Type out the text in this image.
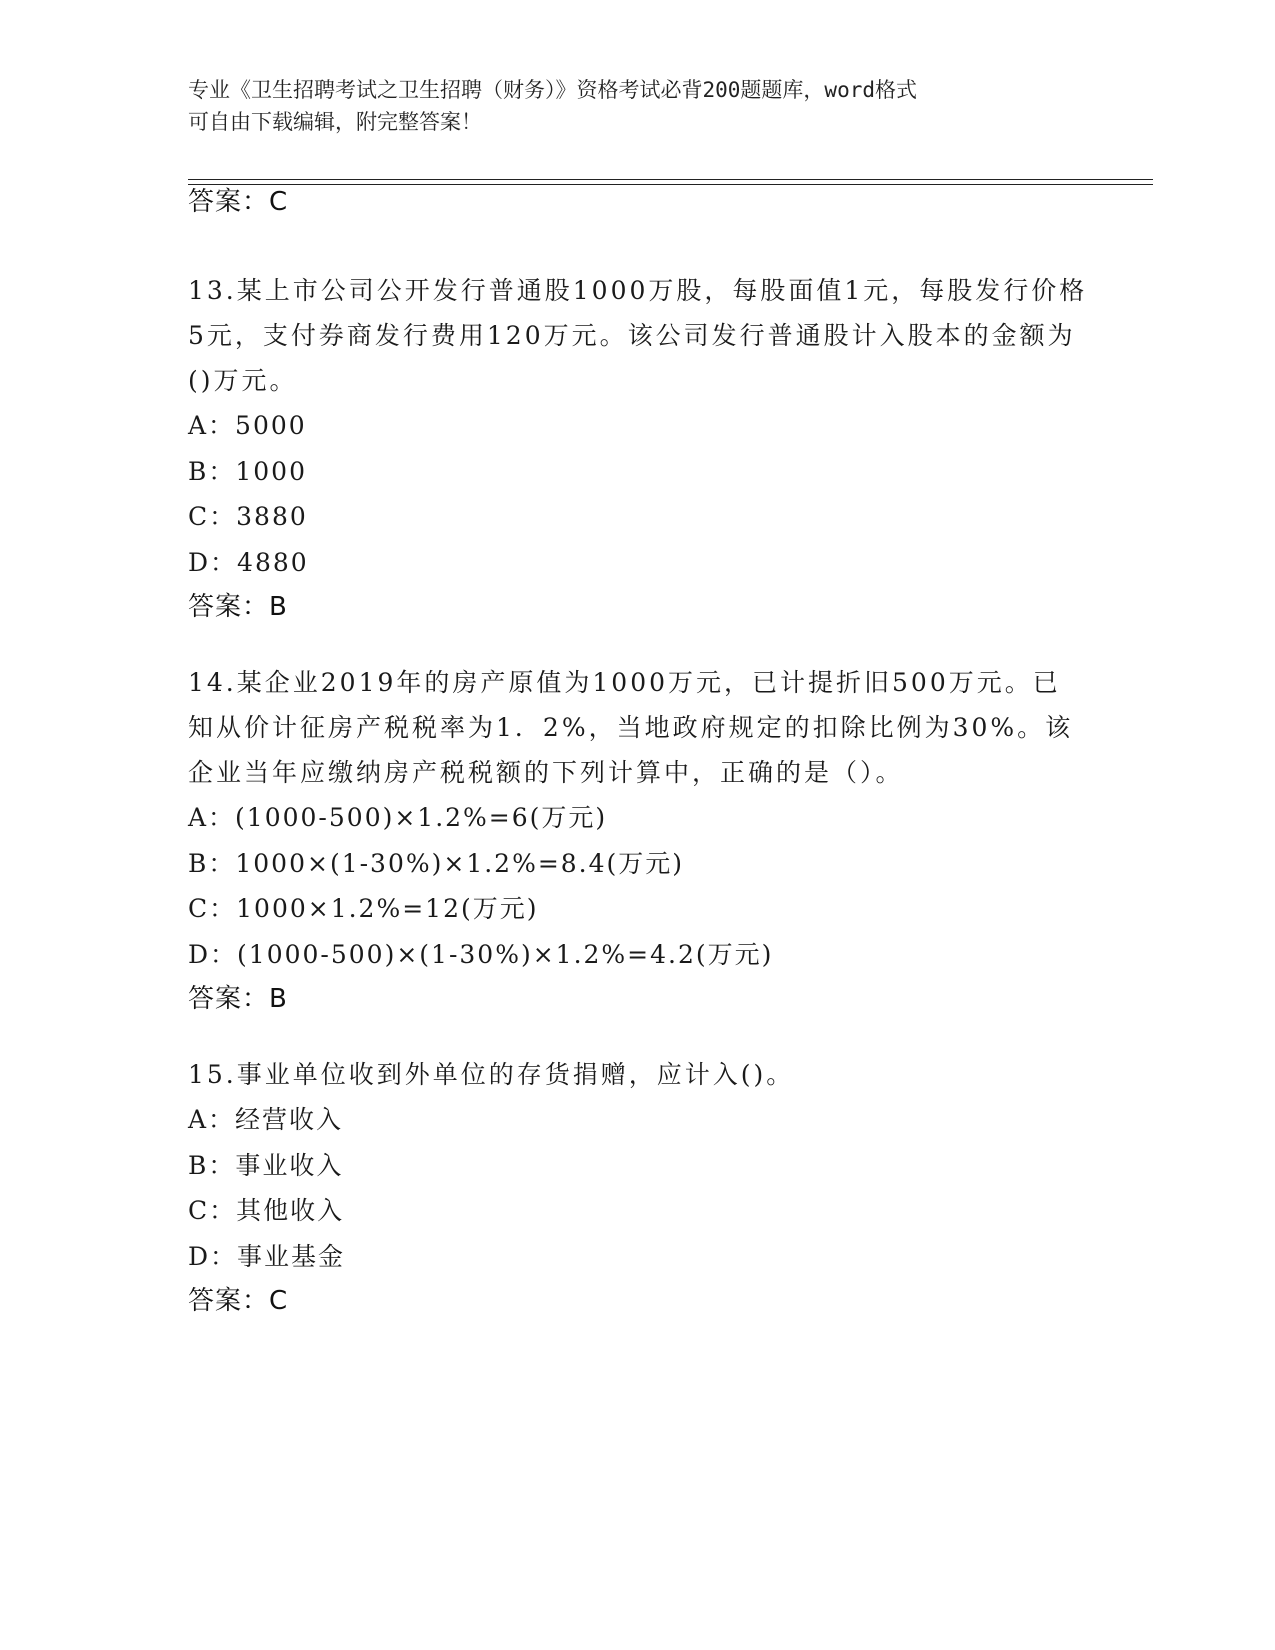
专业《卫生招聘考试之卫生招聘（财务）》资格考试必背200题题库，word格式
可自由下载编辑，附完整答案！
答案：C
13.某上市公司公开发行普通股1000万股，每股面值1元，每股发行价格5元，支付券商发行费用120万元。该公司发行普通股计入股本的金额为()万元。
A：5000
B：1000
C：3880
D：4880
答案：B
14.某企业2019年的房产原值为1000万元，已计提折旧500万元。已知从价计征房产税税率为1．2%，当地政府规定的扣除比例为30%。该企业当年应缴纳房产税税额的下列计算中，正确的是（）。
A：(1000-500)×1.2%=6(万元)
B：1000×(1-30%)×1.2%=8.4(万元)
C：1000×1.2%=12(万元)
D：(1000-500)×(1-30%)×1.2%=4.2(万元)
答案：B
15.事业单位收到外单位的存货捐赠，应计入()。
A：经营收入
B：事业收入
C：其他收入
D：事业基金
答案：C
